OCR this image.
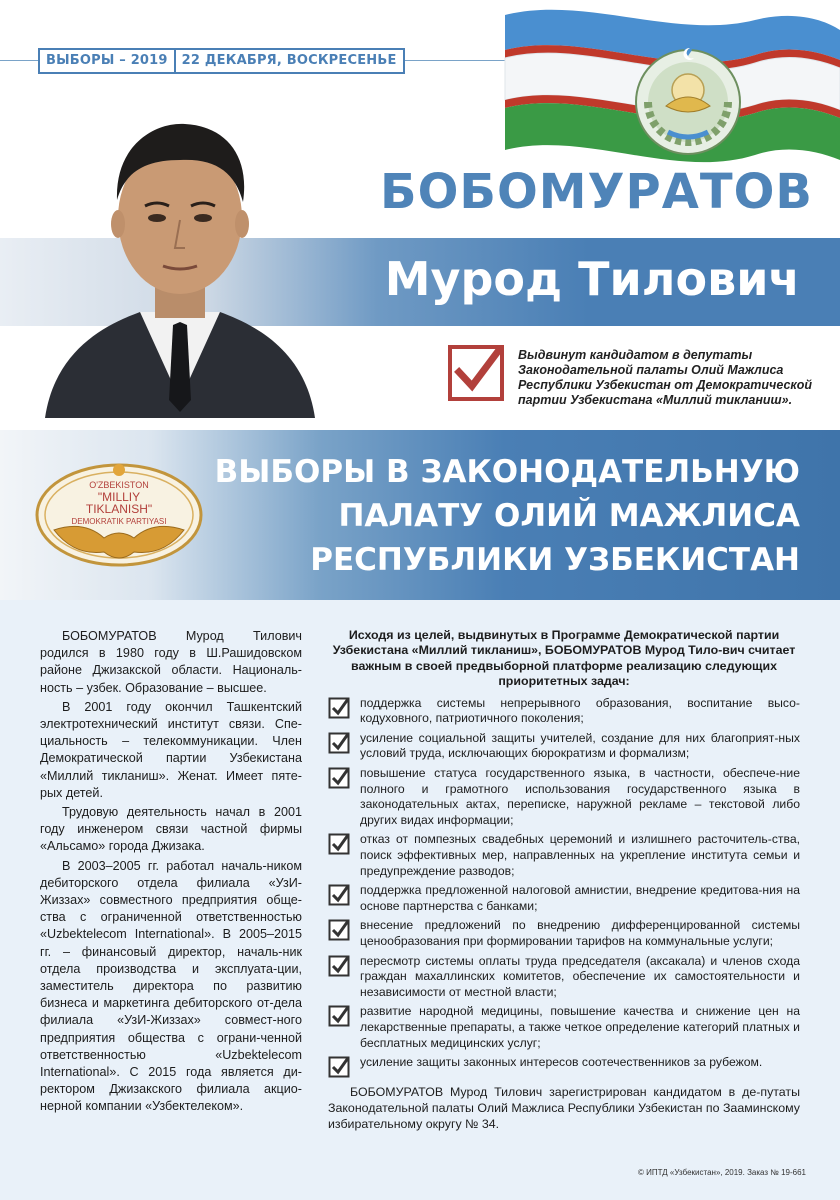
ВЫБОРЫ – 2019	22 ДЕКАБРЯ, ВОСКРЕСЕНЬЕ
БОБОМУРАТОВ
Мурод Тилович
Выдвинут кандидатом в депутаты Законодательной палаты Олий Мажлиса Республики Узбекистан от Демократической партии Узбекистана «Миллий тикланиш».
ВЫБОРЫ В ЗАКОНОДАТЕЛЬНУЮ
ПАЛАТУ ОЛИЙ МАЖЛИСА
РЕСПУБЛИКИ УЗБЕКИСТАН
O'ZBEKISTON
"MILLIY
TIKLANISH"
DEMOKRATIK PARTIYASI

БОБОМУРАТОВ Мурод Тилович родился в 1980 году в Ш.Рашидовском районе Джизакской области. Националь-ность – узбек. Образование – высшее.

В 2001 году окончил Ташкентский электротехнический институт связи. Спе-циальность – телекоммуникации. Член Демократической партии Узбекистана «Миллий тикланиш». Женат. Имеет пяте-рых детей.

Трудовую деятельность начал в 2001 году инженером связи частной фирмы «Альсамо» города Джизака.

В 2003–2005 гг. работал началь-ником дебиторского отдела филиала «УзИ-Жиззах» совместного предприятия обще-ства с ограниченной ответственностью «Uzbektelecom International». В 2005–2015 гг. – финансовый директор, началь-ник отдела производства и эксплуата-ции, заместитель директора по развитию бизнеса и маркетинга дебиторского от-дела филиала «УзИ-Жиззах» совмест-ного предприятия общества с ограни-ченной ответственностью «Uzbektelecom International». С 2015 года является ди-ректором Джизакского филиала акцио-нерной компании «Узбектелеком».

Исходя из целей, выдвинутых в Программе Демократической партии Узбекистана «Миллий тикланиш», БОБОМУРАТОВ Мурод Тило-вич считает важным в своей предвыборной платформе реализацию следующих приоритетных задач:
поддержка системы непрерывного образования, воспитание высо-кодуховного, патриотичного поколения;
усиление социальной защиты учителей, создание для них благоприят-ных условий труда, исключающих бюрократизм и формализм;
повышение статуса государственного языка, в частности, обеспече-ние полного и грамотного использования государственного языка в законодательных актах, переписке, наружной рекламе – текстовой либо других видах информации;
отказ от помпезных свадебных церемоний и излишнего расточитель-ства, поиск эффективных мер, направленных на укрепление института семьи и предупреждение разводов;
поддержка предложенной налоговой амнистии, внедрение кредитова-ния на основе партнерства с банками;
внесение предложений по внедрению дифференцированной системы ценообразования при формировании тарифов на коммунальные услуги;
пересмотр системы оплаты труда председателя (аксакала) и членов схода граждан махаллинских комитетов, обеспечение их самостоятельности и независимости от местной власти;
развитие народной медицины, повышение качества и снижение цен на лекарственные препараты, а также четкое определение категорий платных и бесплатных медицинских услуг;
усиление защиты законных интересов соотечественников за рубежом.
БОБОМУРАТОВ Мурод Тилович зарегистрирован кандидатом в де-путаты Законодательной палаты Олий Мажлиса Республики Узбекистан по Зааминскому избирательному округу № 34.
© ИПТД «Узбекистан», 2019. Заказ № 19-661
